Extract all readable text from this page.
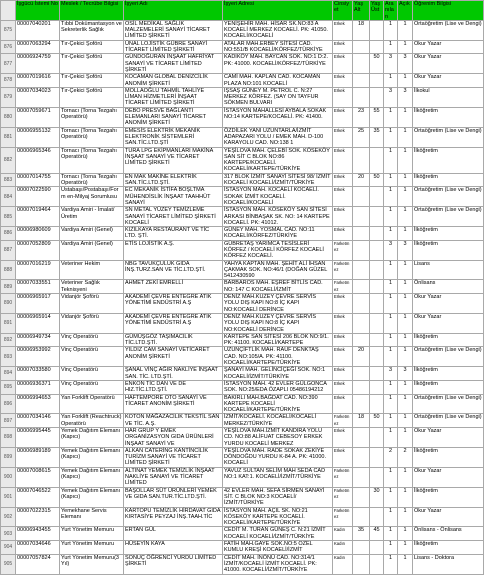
	İşgücü İstemi No	Meslek / Tecrübe Bilgisi	İşyeri Adı	İşyeri Adresi	Cinsiyet	Yaş Alt	Yaş Üst	Aranılan	Açık	Öğrenim Bilgisi
875	00007040201	Tıbbi Dokümantasyon ve Sekreterlik Sağlık	OSİL MEDİKAL SAĞLIK MALZEMELERİ SANAYİ TİCARET LİMİTED ŞİRKETİ	YENİŞEHİR MAH. HİSAR SK.NO:83 A KOCAELİ MERKEZ KOCAELİ. PK: 41050. KOCAELİ/KOCAELİ	Erkek	18		1	1	Ortaöğretim (Lise ve Dengi)
876	00007063294	Tır-Çekici Şoförü	ÜNAL LOJİSTİK GÜBRE SANAYİ TİCARET LİMİTED ŞİRKETİ	ATALAR MAH.ERBEY SİTESİ CAD. NO:551/B KOCAELİ/KÖRFEZ/TÜRKİYE	Erkek			1	1	Okur Yazar
877	00006924759	Tır-Çekici Şoförü	GÜNDOĞURAN İNŞAAT HAFRİYAT SANAYİ VE TİCARET LİMİTED ŞİRKETİ	KADIKÖY MAH. BAYCAN SOK. NO:1 D:2. PK: 41000. KOCAELİ/KÖRFEZ/TÜRKİYE	Erkek		50	3	3	Okur Yazar
878	00007019616	Tır-Çekici Şoförü	KOCAMAN GLOBAL DENİZCİLİK ANONİM ŞİRKETİ	CAMİ MAH. KAPLAN CAD. KOCAMAN PLAZA NO:101 KOCAELİ	Erkek			1	1	Okur Yazar
879	00007034023	Tır-Çekici Şoförü	MOLLAOĞLU TAHMİL TAHLİYE LİMAN HİZMETLERİ İNŞAAT TİCARET LİMİTED ŞİRKETİ	IŞSAŞ GÜNEY M. PETROL C. N:27 MERKEZ KÖRFEZ. (SAY ON TAYFUR SÖKMEN BULVARI	Erkek			3	3	İlkokul
880	00007059671	Tornacı (Torna Tezgahı Operatörü)	DEBO PRESVE BAĞLANTI ELEMANLARI SANAYİ TİCARET ANONİM ŞİRKETİ	İSTASYON MAHALLESİ AYBALA SOKAK NO:14 KARTEPE/KOCAELİ. PK: 41400.	Erkek	23	55	1	1	İlköğretim
881	00006955132	Tornacı (Torna Tezgahı Operatörü)	EMESİS ELEKTRİK MEKANİK ELEKTRONİK SİSTEMLERİ SAN.TİC.LTD.ŞTİ	ÖZDİLEK YANI UZUNTARLA/İZMİT ADAPAZARI YOLU / EMEK MAH. D-100 KARAYOLU CAD. NO:138 1	Erkek	25	35	1	1	Ortaöğretim (Lise ve Dengi)
882	00006965346	Tornacı (Torna Tezgahı Operatörü)	TURA LPG EKİPMANLARI MAKİNA İNŞAAT SANAYİ VE TİCARET LİMİTED ŞİRKETİ	YEŞİLOVA MAH. ÇELEBİ SOK. KÖSEKÖY SAN SİT C BLOK NO:86 KARTEPE/KOCAELİ. KOCAELİ/KARTEPE/TÜRKİYE	Erkek			1	1	İlköğretim
883	00007014755	Tornacı (Torna Tezgahı Operatörü)	EN MAK MAKİNE ELEKTRİK SAN.TİC.LTD.ŞTİ.	317 BLOK İZMİT SANAYİ SİTESİ 98/ İZMİT KOCAELİ KOCAELİ/İZMİT/TÜRKİYE	Erkek	20	50	1	1	İlköğretim
884	00007022590	Ustabaşı/Postabaşı/Form en-Milyaj Sorumlusu	EC MEKANİK İSTİFA BOŞLTMA MÜHENDİSLİK İNŞAAT TAAHHÜT SANAYİ	İSTASYON MAH. KOCAELİ KOCAELİ. SOKAK İZMİT KOCAELİ. KOCAELİ/KOCAELİ	Erkek			1	1	Ortaöğretim (Lise ve Dengi)
885	00007019464	Vardiya Amiri - İmalat/Üretim	SN METAL YÜZEY TEMİZLEME SANAYİ TİCARET LİMİTED ŞİRKETİ KOCAELİ	İSTASYON MAH. KÖSEKÖY SAN SİTESİ ARKASI BİNBAŞAK SK. NO: 14 KARTEPE KOCAELİ. PK: 41012.	Erkek			1	1	Ortaöğretim (Lise ve Dengi)
886	00006980609	Vardiya Amiri (Genel)	KIZILKAYA RESTAURANT VE TİC LTD. ŞTİ.	GÜNEY MAH. YOSMAL CAD. NO:11 KOCAELİ/KÖRFEZ/TÜRKİYE	Erkek			1	1	İlköğretim
887	00007052809	Vardiya Amiri (Genel)	ETİS LOJİSTİK A.Ş.	GÜBRETAŞ YARIMCA TESİSLERİ KÖRFEZ / KOCAELİ KÖRFEZ KOCAELİ KÖRFEZ KOCAELİ.	Farketmez			3	3	İlköğretim
888	00007016219	Veteriner Hekim	NBG TAVUKÇULUK GIDA İNŞ.TURZ.SAN VE TİC.LTD.ŞTİ.	YAHYA KAPTAN MAH. ŞEHİT ALİ İHSAN ÇAKMAK SOK. NO:46/1 (DOĞAN GÜZEL 5412430590	Farketmez			1	1	Lisans
889	00007033551	Veteriner Sağlık Teknisyeni	AHMET ZEKİ EMRELLİ	BARBAROS MAH. EŞREF BİTLİS CAD. NO: 147 C KOCAELİ/İZMİT	Farketmez			1	1	Önlisans
890	00006965917	Vidanjör Şoförü	AKADEMİ ÇEVRE ENTEGRE ATIK YÖNETİMİ ENDÜSTRİ A.Ş	DENİZ MAH.KUZEY ÇEVRE SERVİS YOLU DIŞ KAPI NO:8 İÇ KAPI NO:KOCAELİ DERİNCE	Erkek			1	1	Okur Yazar
891	00006965914	Vidanjör Şoförü	AKADEMİ ÇEVRE ENTEGRE ATIK YÖNETİMİ ENDÜSTRİ A.Ş	DENİZ MAH.KUZEY ÇEVRE SERVİS YOLU DIŞ KAPI NO:8 İÇ KAPI NO:KOCAELİ DERİNCE	Erkek			1	1	Okur Yazar
892	00006949734	Vinç Operatörü	GÜMÜŞGÖZ TAŞIMACILIK TİC.LTD.ŞTİ.	KARTEPE SAN SİTESİ 206 BLOK NO:9/1. PK: 41100. KOCAELİ/KARTEPE	Erkek			1	1	İlköğretim
893	00006953992	Vinç Operatörü	YILDIZ CAM SANAYİ VETİCARET ANONİM ŞİRKETİ	UZUNÇİFTLİK MAH. RAUF DENKTAŞ CAD. NO:105/A. PK: 41100. KOCAELİ/KARTEPE/TÜRKİYE	Erkek	20		1	1	Ortaöğretim (Lise ve Dengi)
894	00007033580	Vinç Operatörü	ŞANAL VİNÇ AĞIR NAKLİYE İNŞAAT SAN. TİC. LTD.ŞTİ.	ŞANAYİ MAH. GELİNCİÇEĞİ SOK. NO:1 KOCAELİ/İZMİT/TÜRKİYE	Erkek			3	3	İlköğretim
895	00006936371	Vinç Operatörü	ENKON TİC DAN VE DE HIZ.TİC.LTD.ŞTİ.	İSTASYON MAH. 42 EVLER GÜLGONCA SOK. NO:25/EDA ÖZAPLI 05486194212	Erkek			1	1	İlköğretim
896	00006994653	Yan Forklift Operatörü	HAFTEMPORE OTO SANAYİ VE TİCARET ANONİM ŞİRKETİ	BAKIRLI MAH.BAĞDAT CAD. NO:390 KARTEPE KOCAELİ KOCAELİ/KARTEPE/TÜRKİYE	Erkek			1	1	Ortaöğretim (Lise ve Dengi)
897	00007034146	Yan Forklift (Reachtruck) Operatörü	KOTON MAĞAZACILIK TEKSTİL SAN VE TİC. A.Ş.	İZMİT/KOCAELİ. KOCAELİ/KOCAELİ MERKEZ/TÜRKİYE	Farketmez	18	50	1	1	Ortaöğretim (Lise ve Dengi)
898	00006995445	Yemek Dağıtım Elemanı (Kapıcı)	HAR GRUP Y EMEK ORGANİZASYON GIDA ÜRÜNLERİ İNŞAAT SANAYİ VE	YEŞİLOVA MAH.İZMİT KANDIRA YOLU CD. NO:88 ALİFUAT CEBESOY ERKEK YURDU KOCAELİ MERKEZ	Erkek			1	1	Okur Yazar
899	00006989189	Yemek Dağıtım Elemanı (Kapıcı)	ALKAN CATERİNG KANTİNCİLİK TURİZM SANAYİ VE TİCARET LİMİTED ŞİRKETİ	YEŞİLOVA MAH. RADE SOKAK ZEKİYE DÖNDOĞDU YURDU K-84 A. PK: 41000. KOCAELİ	Erkek			2	2	İlköğretim
900	00007008615	Yemek Dağıtım Elemanı (Kapıcı)	ALTINAT YEMEK TEMİZLİK İNŞAAT NAKLİYE SANAYİ VE TİCARET LİMİTED	YAVUZ SULTAN SELİM MAH SEDA CAD NO:1 KAT:1. KOCAELİ/İZMİT/TÜRKİYE	Farketmez			1	1	Okur Yazar
901	00007046522	Yemek Dağıtım Elemanı (Kapıcı)	BAŞOLLAR SÜT ÜRÜNLERİ YEMEK VE GIDA SAN.TUR.TİC.LTD.ŞTİ.	42 EVLER MAH. SEFA SİRMEN SANAYİ SİT. C BLOK NO:3 KOCAELİ/İZMİT/TÜRKİYE	Farketmez		30	1	1	İlköğretim
902	00007022315	Yemekhane Servis Elemanı	KARTOPU TEMİZLİK HİRDAVAT GIDA KIRTASİYE PEYZAJ İNŞ.TAAH.TİC	İSTASYON MAH. AÇIL SK. NO:21 KÖSEKÖY KARTEPE KOCAELİ. KOCAELİ/KARTEPE/TÜRKİYE	Farketmez			1	1	Okur Yazar
903	00006943455	Yurt Yönetim Memuru	ERTAN GÜL	CEDİT M. TURAN GÜNEŞ C. N:21 İZMİT KOCAELİ KOCAELİ/İZMİT/TÜRKİYE	Kadın	35	45	1	1	Önlisans - Önlisans
904	00007034646	Yurt Yönetim Memuru	HÜSEYİN KAYA	FATİH MAH.GAYE SOK.NO:5 OZEL KUMLU KREŞİ KOCAELİ/İZMİT	Kadın			1	1	İlköğretim
905	00007057824	Yurt Yönetim Memuru(3 Yıl)	SONUÇ ÖĞRENCİ YURDU LİMİTED ŞİRKETİ	CEDİT MAH. İNÖNÜ CAD. NO:314/1 İZMİT/KOCAELİ İZMİT KOCAELİ. PK: 41000. KOCAELİ/İZMİT/TÜRKİYE	Kadın			1	1	Lisans - Doktora
